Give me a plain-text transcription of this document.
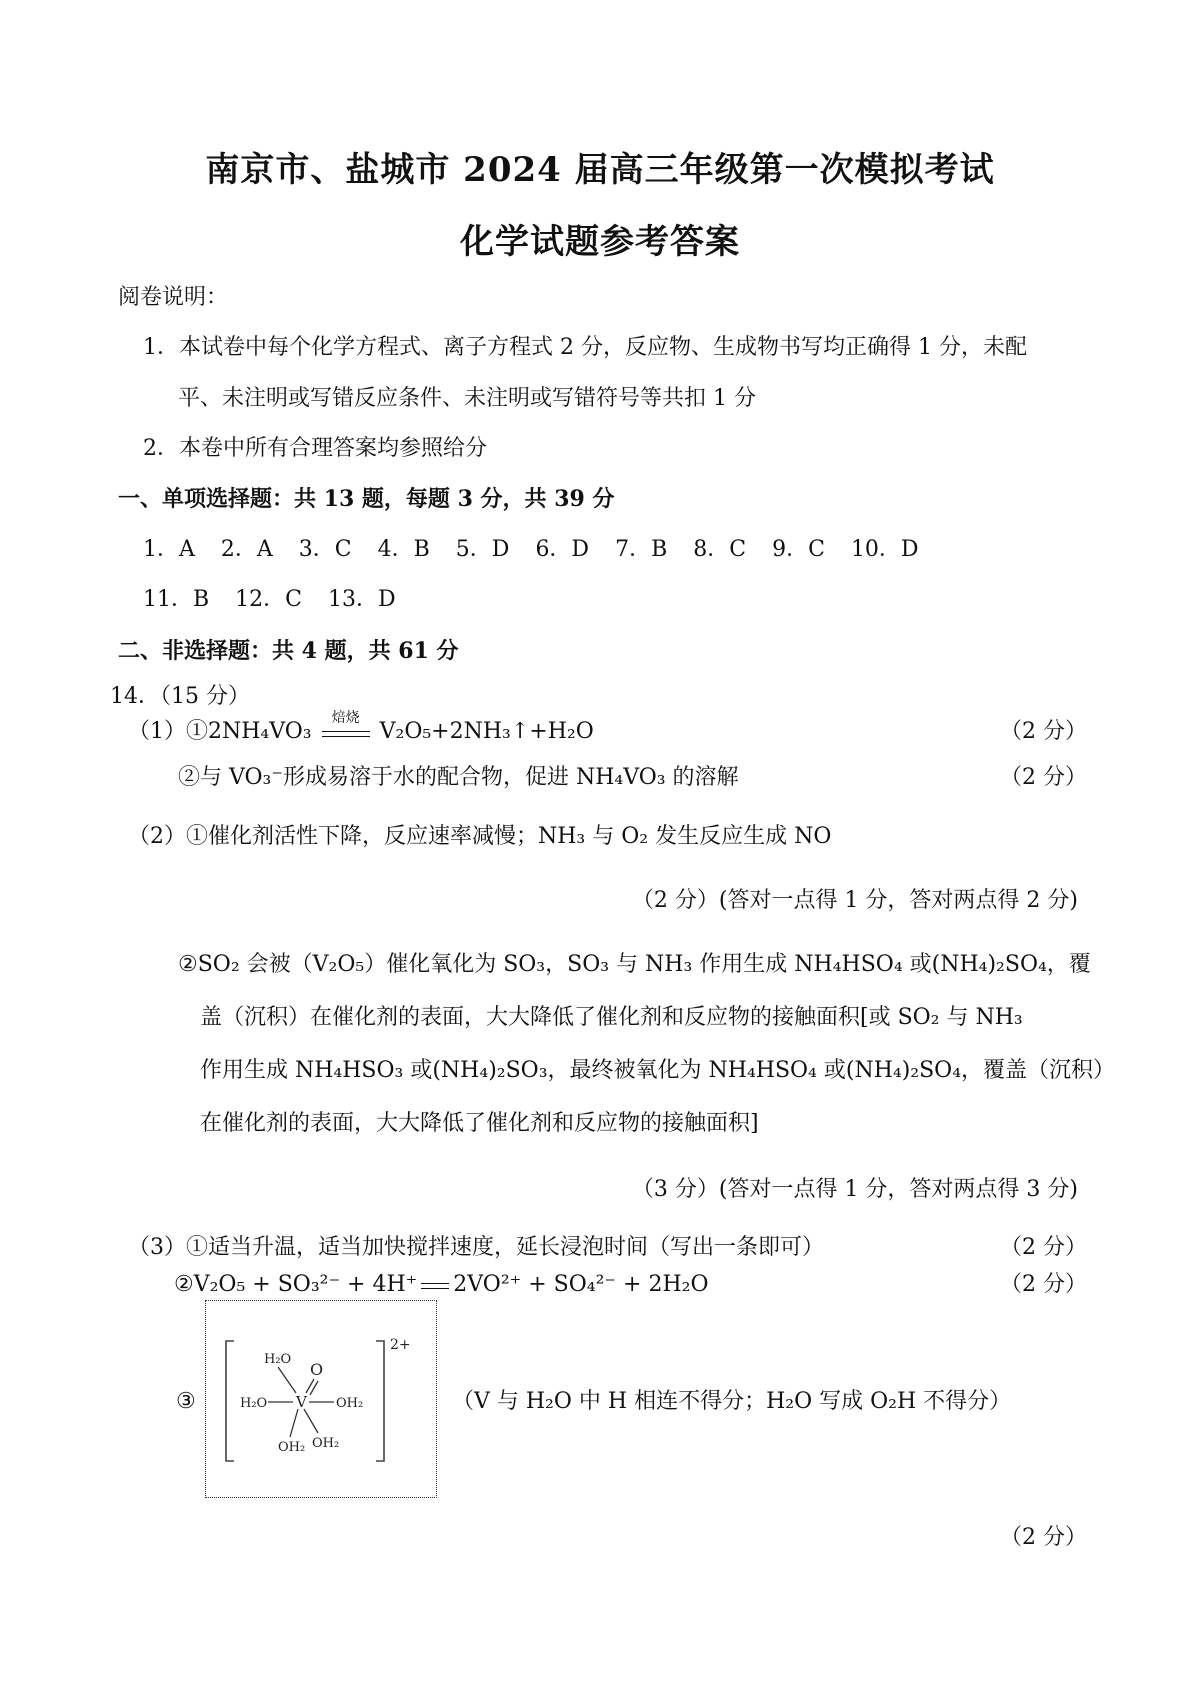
南京市、盐城市 2024 届高三年级第一次模拟考试
化学试题参考答案
阅卷说明：
1．本试卷中每个化学方程式、离子方程式 2 分，反应物、生成物书写均正确得 1 分，未配
平、未注明或写错反应条件、未注明或写错符号等共扣 1 分
2．本卷中所有合理答案均参照给分
一、单项选择题：共 13 题，每题 3 分，共 39 分
1．A 2．A 3．C 4．B 5．D 6．D 7．B 8．C 9．C 10．D
11．B 12．C 13．D
二、非选择题：共 4 题，共 61 分
14．（15 分）
（1）①2NH₄VO₃
焙烧
V₂O₅+2NH₃↑+H₂O	（2 分）
②与 VO₃⁻形成易溶于水的配合物，促进 NH₄VO₃ 的溶解	（2 分）
（2）①催化剂活性下降，反应速率减慢；NH₃ 与 O₂ 发生反应生成 NO
（2 分）(答对一点得 1 分，答对两点得 2 分)
②SO₂ 会被（V₂O₅）催化氧化为 SO₃，SO₃ 与 NH₃ 作用生成 NH₄HSO₄ 或(NH₄)₂SO₄，覆
盖（沉积）在催化剂的表面，大大降低了催化剂和反应物的接触面积[或 SO₂ 与 NH₃
作用生成 NH₄HSO₃ 或(NH₄)₂SO₃，最终被氧化为 NH₄HSO₄ 或(NH₄)₂SO₄，覆盖（沉积）
在催化剂的表面，大大降低了催化剂和反应物的接触面积]
（3 分）(答对一点得 1 分，答对两点得 3 分)
（3）①适当升温，适当加快搅拌速度，延长浸泡时间（写出一条即可）	（2 分）
②V₂O₅ + SO₃²⁻ + 4H⁺ 2VO²⁺ + SO₄²⁻ + 2H₂O	（2 分）
③
2+
H₂O
O
H₂O V OH₂
OH₂ OH₂
（V 与 H₂O 中 H 相连不得分；H₂O 写成 O₂H 不得分）
（2 分）
